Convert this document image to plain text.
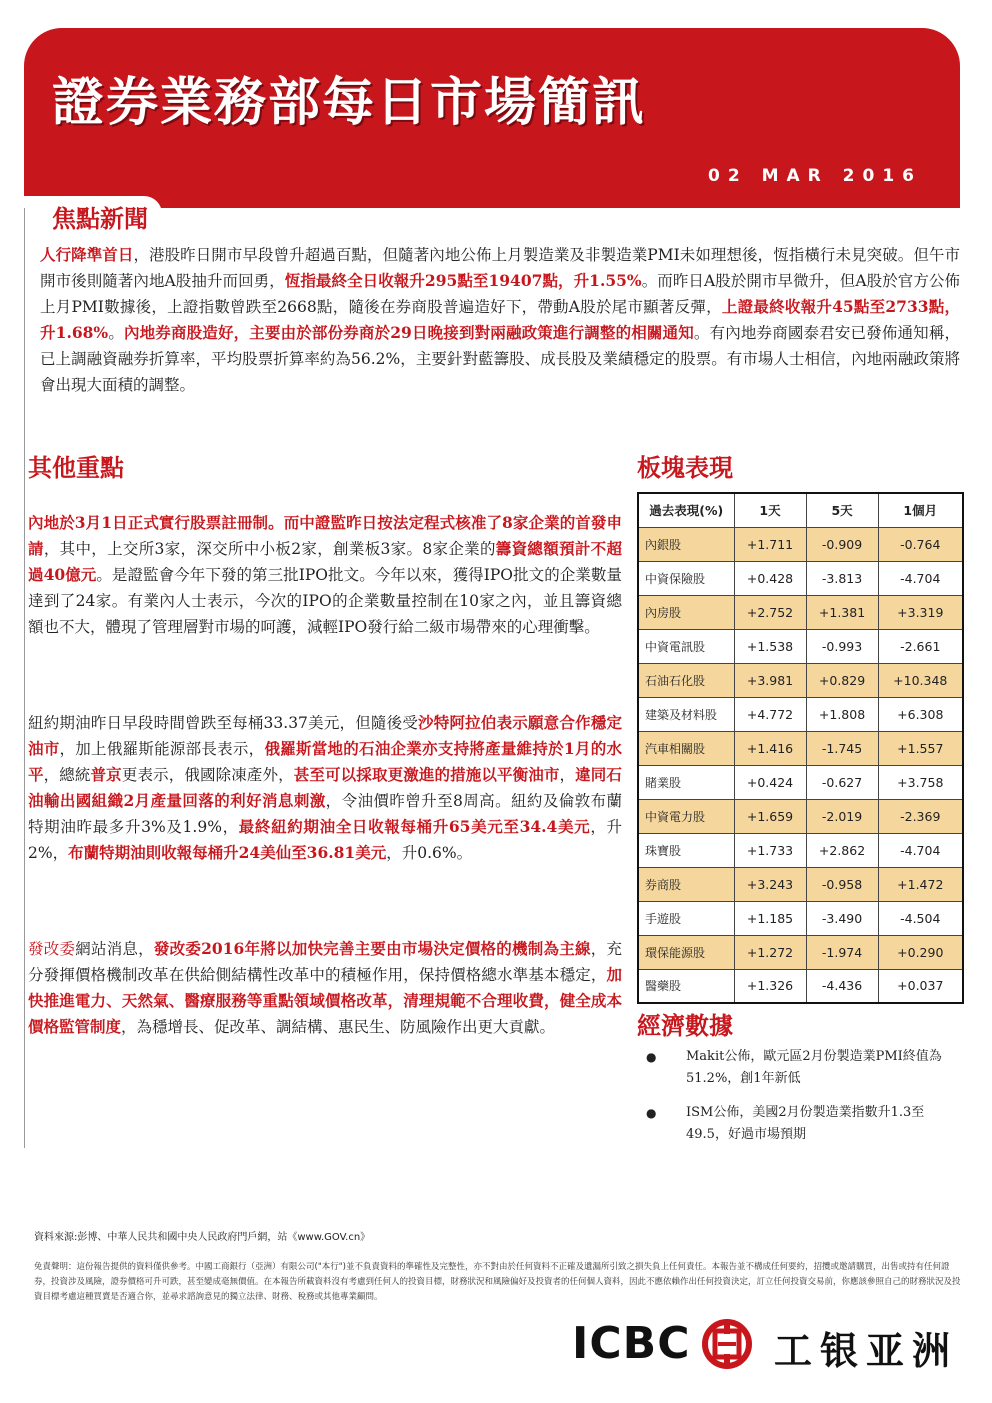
證券業務部每日市場簡訊
02 MAR 2016
焦點新聞
人行降準首日，港股昨日開市早段曾升超過百點，但隨著內地公佈上月製造業及非製造業PMI未如理想後，恆指橫行未見突破。但午市開市後則隨著內地A股抽升而回勇，恆指最終全日收報升295點至19407點，升1.55%。而昨日A股於開市早微升，但A股於官方公佈上月PMI數據後，上證指數曾跌至2668點，隨後在券商股普遍造好下，帶動A股於尾市顯著反彈，上證最終收報升45點至2733點，升1.68%。內地券商股造好，主要由於部份券商於29日晚接到對兩融政策進行調整的相關通知。有內地券商國泰君安已發佈通知稱，已上調融資融券折算率，平均股票折算率約為56.2%，主要針對藍籌股、成長股及業績穩定的股票。有市場人士相信，內地兩融政策將會出現大面積的調整。
其他重點
內地於3月1日正式實行股票註冊制。而中證監昨日按法定程式核准了8家企業的首發申請，其中，上交所3家，深交所中小板2家，創業板3家。8家企業的籌資總額預計不超過40億元。是證監會今年下發的第三批IPO批文。今年以來，獲得IPO批文的企業數量達到了24家。有業內人士表示，今次的IPO的企業數量控制在10家之內，並且籌資總額也不大，體現了管理層對市場的呵護，減輕IPO發行給二級市場帶來的心理衝擊。
紐約期油昨日早段時間曾跌至每桶33.37美元，但隨後受沙特阿拉伯表示願意合作穩定油市，加上俄羅斯能源部長表示，俄羅斯當地的石油企業亦支持將產量維持於1月的水平，總統普京更表示，俄國除凍產外，甚至可以採取更激進的措施以平衡油市，違同石油輸出國組織2月產量回落的利好消息刺激，令油價昨曾升至8周高。紐約及倫敦布蘭特期油昨最多升3%及1.9%，最終紐約期油全日收報每桶升65美元至34.4美元，升2%，布蘭特期油則收報每桶升24美仙至36.81美元，升0.6%。
發改委網站消息，發改委2016年將以加快完善主要由市場決定價格的機制為主線，充分發揮價格機制改革在供給側結構性改革中的積極作用，保持價格總水準基本穩定，加快推進電力、天然氣、醫療服務等重點領域價格改革，清理規範不合理收費，健全成本價格監管制度，為穩增長、促改革、調結構、惠民生、防風險作出更大貢獻。
板塊表現
過去表現(%)	1天	5天	1個月
內銀股	+1.711	-0.909	-0.764
中資保險股	+0.428	-3.813	-4.704
內房股	+2.752	+1.381	+3.319
中資電訊股	+1.538	-0.993	-2.661
石油石化股	+3.981	+0.829	+10.348
建築及材料股	+4.772	+1.808	+6.308
汽車相關股	+1.416	-1.745	+1.557
賭業股	+0.424	-0.627	+3.758
中資電力股	+1.659	-2.019	-2.369
珠寶股	+1.733	+2.862	-4.704
券商股	+3.243	-0.958	+1.472
手遊股	+1.185	-3.490	-4.504
環保能源股	+1.272	-1.974	+0.290
醫藥股	+1.326	-4.436	+0.037
經濟數據
● Makit公佈，歐元區2月份製造業PMI終值為51.2%，創1年新低
● ISM公佈，美國2月份製造業指數升1.3至49.5，好過市場預期
資料來源:彭博、中華人民共和國中央人民政府門戶網，站《www.GOV.cn》
免責聲明：這份報告提供的資料僅供參考。中國工商銀行（亞洲）有限公司("本行")並不負責資料的準確性及完整性，亦不對由於任何資料不正確及遺漏所引致之損失負上任何責任。本報告並不構成任何要約，招攬或邀請購買，出售或持有任何證券，投資涉及風險，證券價格可升可跌，甚至變成毫無價值。在本報告所載資料沒有考慮到任何人的投資目標，財務狀況和風險偏好及投資者的任何個人資料，因此不應依賴作出任何投資決定，訂立任何投資交易前，你應該參照自己的財務狀況及投資目標考慮這種買賣是否適合你，並尋求諮詢意見的獨立法律、財務、稅務或其他專業顧問。
ICBC 工银亚洲
